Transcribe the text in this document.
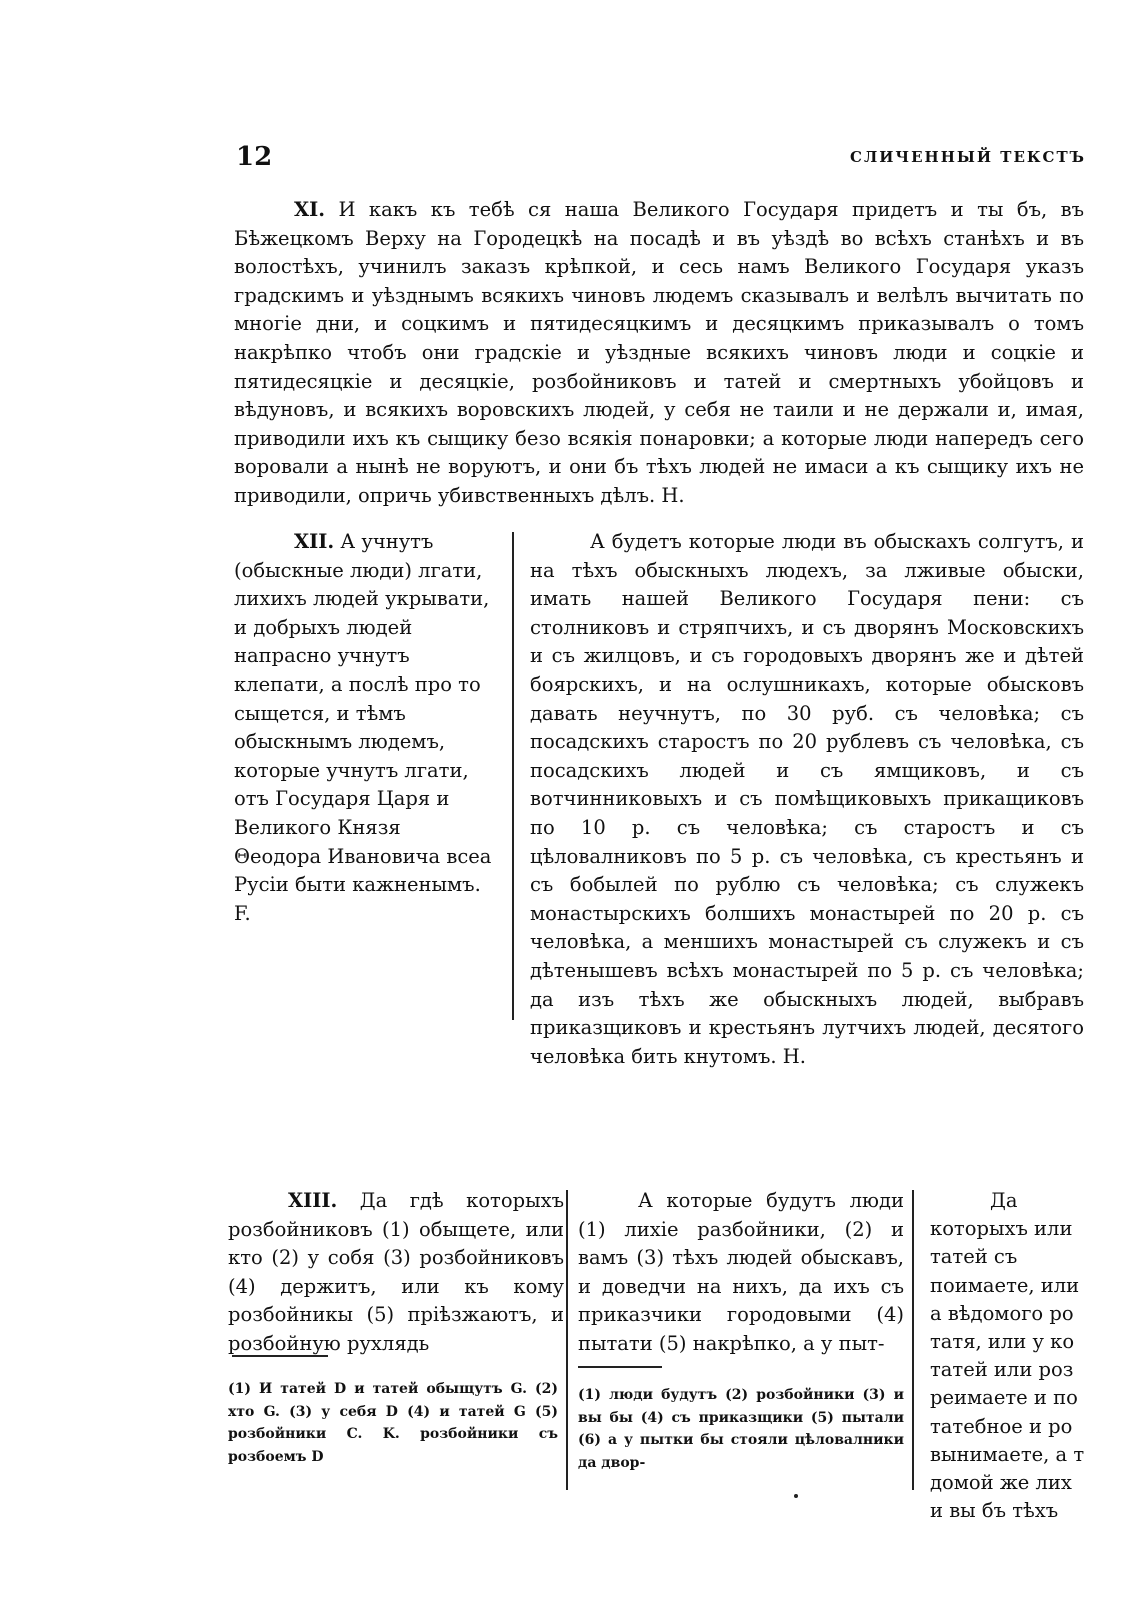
12	СЛИЧЕННЫЙ ТЕКСТЪ

XI. И какъ къ тебѣ ся наша Великого Государя придетъ и ты бъ, въ Бѣжецкомъ Верху на Городецкѣ на посадѣ и въ уѣздѣ во всѣхъ станѣхъ и въ волостѣхъ, учинилъ заказъ крѣпкой, и сесь намъ Великого Государя указъ градскимъ и уѣзднымъ всякихъ чиновъ людемъ сказывалъ и велѣлъ вычитать по многіе дни, и соцкимъ и пятидесяцкимъ и десяцкимъ приказывалъ о томъ накрѣпко чтобъ они градскіе и уѣздные всякихъ чиновъ люди и соцкіе и пятидесяцкіе и десяцкіе, розбойниковъ и татей и смертныхъ убойцовъ и вѣдуновъ, и всякихъ воровскихъ людей, у себя не таили и не держали и, имая, приводили ихъ къ сыщику безо всякія понаровки; а которые люди напередъ сего воровали а нынѣ не воруютъ, и они бъ тѣхъ людей не имаси а къ сыщику ихъ не приводили, опричь убивственныхъ дѣлъ. H.

XII. А учнутъ (обыскные люди) лгати, лихихъ людей укрывати, и добрыхъ людей напрасно учнутъ клепати, а послѣ про то сыщется, и тѣмъ обыскнымъ людемъ, которые учнутъ лгати, отъ Государя Царя и Великого Князя Θеодора Ивановича всеа Русіи быти кажненымъ. F.

А будетъ которые люди въ обыскахъ солгутъ, и на тѣхъ обыскныхъ людехъ, за лживые обыски, имать нашей Великого Государя пени: съ столниковъ и стряпчихъ, и съ дворянъ Московскихъ и съ жилцовъ, и съ городовыхъ дворянъ же и дѣтей боярскихъ, и на ослушникахъ, которые обысковъ давать неучнутъ, по 30 руб. съ человѣка; съ посадскихъ старостъ по 20 рублевъ съ человѣка, съ посадскихъ людей и съ ямщиковъ, и съ вотчинниковыхъ и съ помѣщиковыхъ прикащиковъ по 10 р. съ человѣка; съ старостъ и съ цѣловалниковъ по 5 р. съ человѣка, съ крестьянъ и съ бобылей по рублю съ человѣка; съ служекъ монастырскихъ болшихъ монастырей по 20 р. съ человѣка, а меншихъ монастырей съ служекъ и съ дѣтенышевъ всѣхъ монастырей по 5 р. съ человѣка; да изъ тѣхъ же обыскныхъ людей, выбравъ приказщиковъ и крестьянъ лутчихъ людей, десятого человѣка бить кнутомъ. H.

XIII. Да гдѣ которыхъ розбойниковъ (1) обыщете, или кто (2) у собя (3) розбойниковъ (4) держитъ, или къ кому розбойникы (5) пріѣзжаютъ, и розбойную рухлядь

(1) И татей D и татей обыщутъ G. (2) хто G. (3) у себя D (4) и татей G (5) розбойники C. K. розбойники съ розбоемъ D

А которые будутъ люди (1) лихіе разбойники, (2) и вамъ (3) тѣхъ людей обыскавъ, и доведчи на нихъ, да ихъ съ приказчики городовыми (4) пытати (5) накрѣпко, а у пыт-

(1) люди будутъ (2) розбойники (3) и вы бы (4) съ приказщики (5) пытали (6) а у пытки бы стояли цѣловалники да двор-

Да которыхъ или татей съ поимаете, или а вѣдомого ро татя, или у ко татей или роз реимаете и по татебное и ро вынимаете, а т домой же лих и вы бъ тѣхъ
